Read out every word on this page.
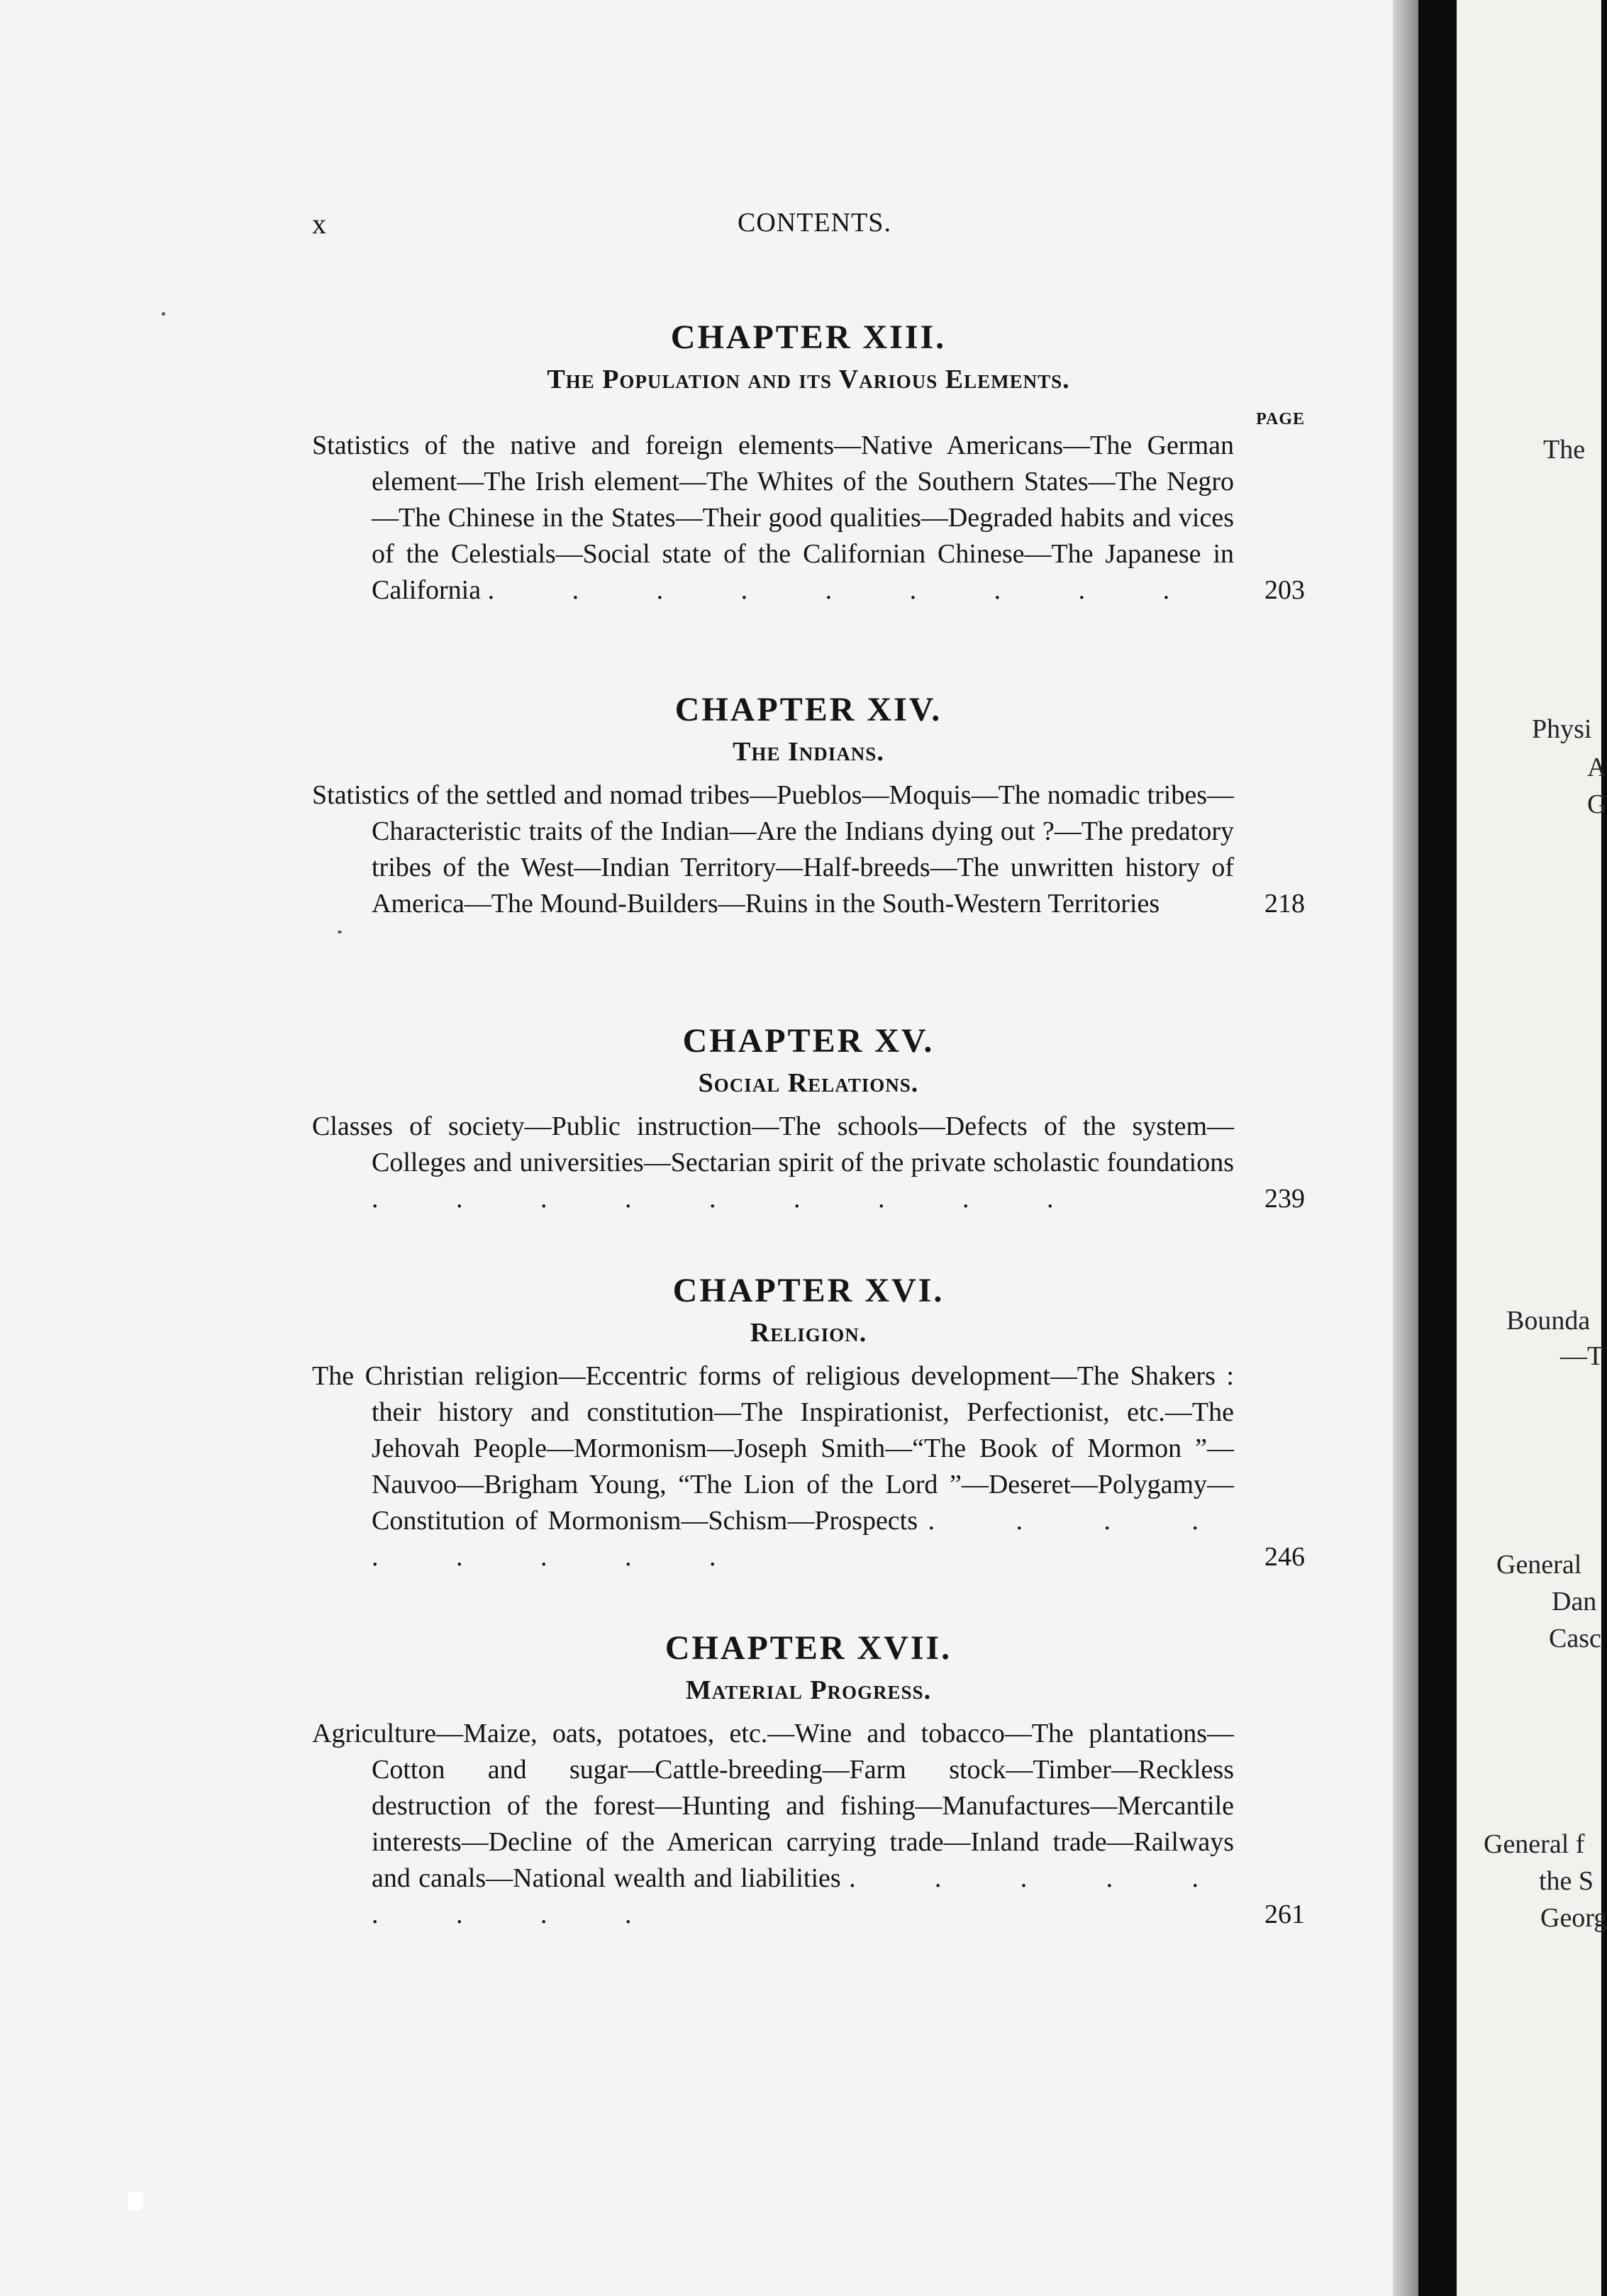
x	CONTENTS.
CHAPTER XIII.
The Population and its Various Elements.
PAGE
Statistics of the native and foreign elements—Native Americans—The German element—The Irish element—The Whites of the Southern States—The Negro—The Chinese in the States—Their good qualities—Degraded habits and vices of the Celestials—Social state of the Californian Chinese—The Japanese in California . . . . . . . . . 203
CHAPTER XIV.
The Indians.
Statistics of the settled and nomad tribes—Pueblos—Moquis—The nomadic tribes—Characteristic traits of the Indian—Are the Indians dying out ?—The predatory tribes of the West—Indian Territory—Half-breeds—The unwritten history of America—The Mound-Builders—Ruins in the South-Western Territories	218
CHAPTER XV.
Social Relations.
Classes of society—Public instruction—The schools—Defects of the system—Colleges and universities—Sectarian spirit of the private scholastic foundations . . . . . . . . .	239
CHAPTER XVI.
Religion.
The Christian religion—Eccentric forms of religious development—The Shakers : their history and constitution—The Inspirationist, Perfectionist, etc.—The Jehovah People—Mormonism—Joseph Smith—“The Book of Mormon ”—Nauvoo—Brigham Young, “The Lion of the Lord ”—Deseret—Polygamy—Constitution of Mormonism—Schism—Prospects . . . . . . . . .	246
CHAPTER XVII.
Material Progress.
Agriculture—Maize, oats, potatoes, etc.—Wine and tobacco—The plantations—Cotton and sugar—Cattle-breeding—Farm stock—Timber—Reckless destruction of the forest—Hunting and fishing—Manufactures—Mercantile interests—Decline of the American carrying trade—Inland trade—Railways and canals—National wealth and liabilities . . . . . . . . .	261
The
Physi
A
G
Bounda
—T
General
Dan
Casc
General f
the S
Georg
